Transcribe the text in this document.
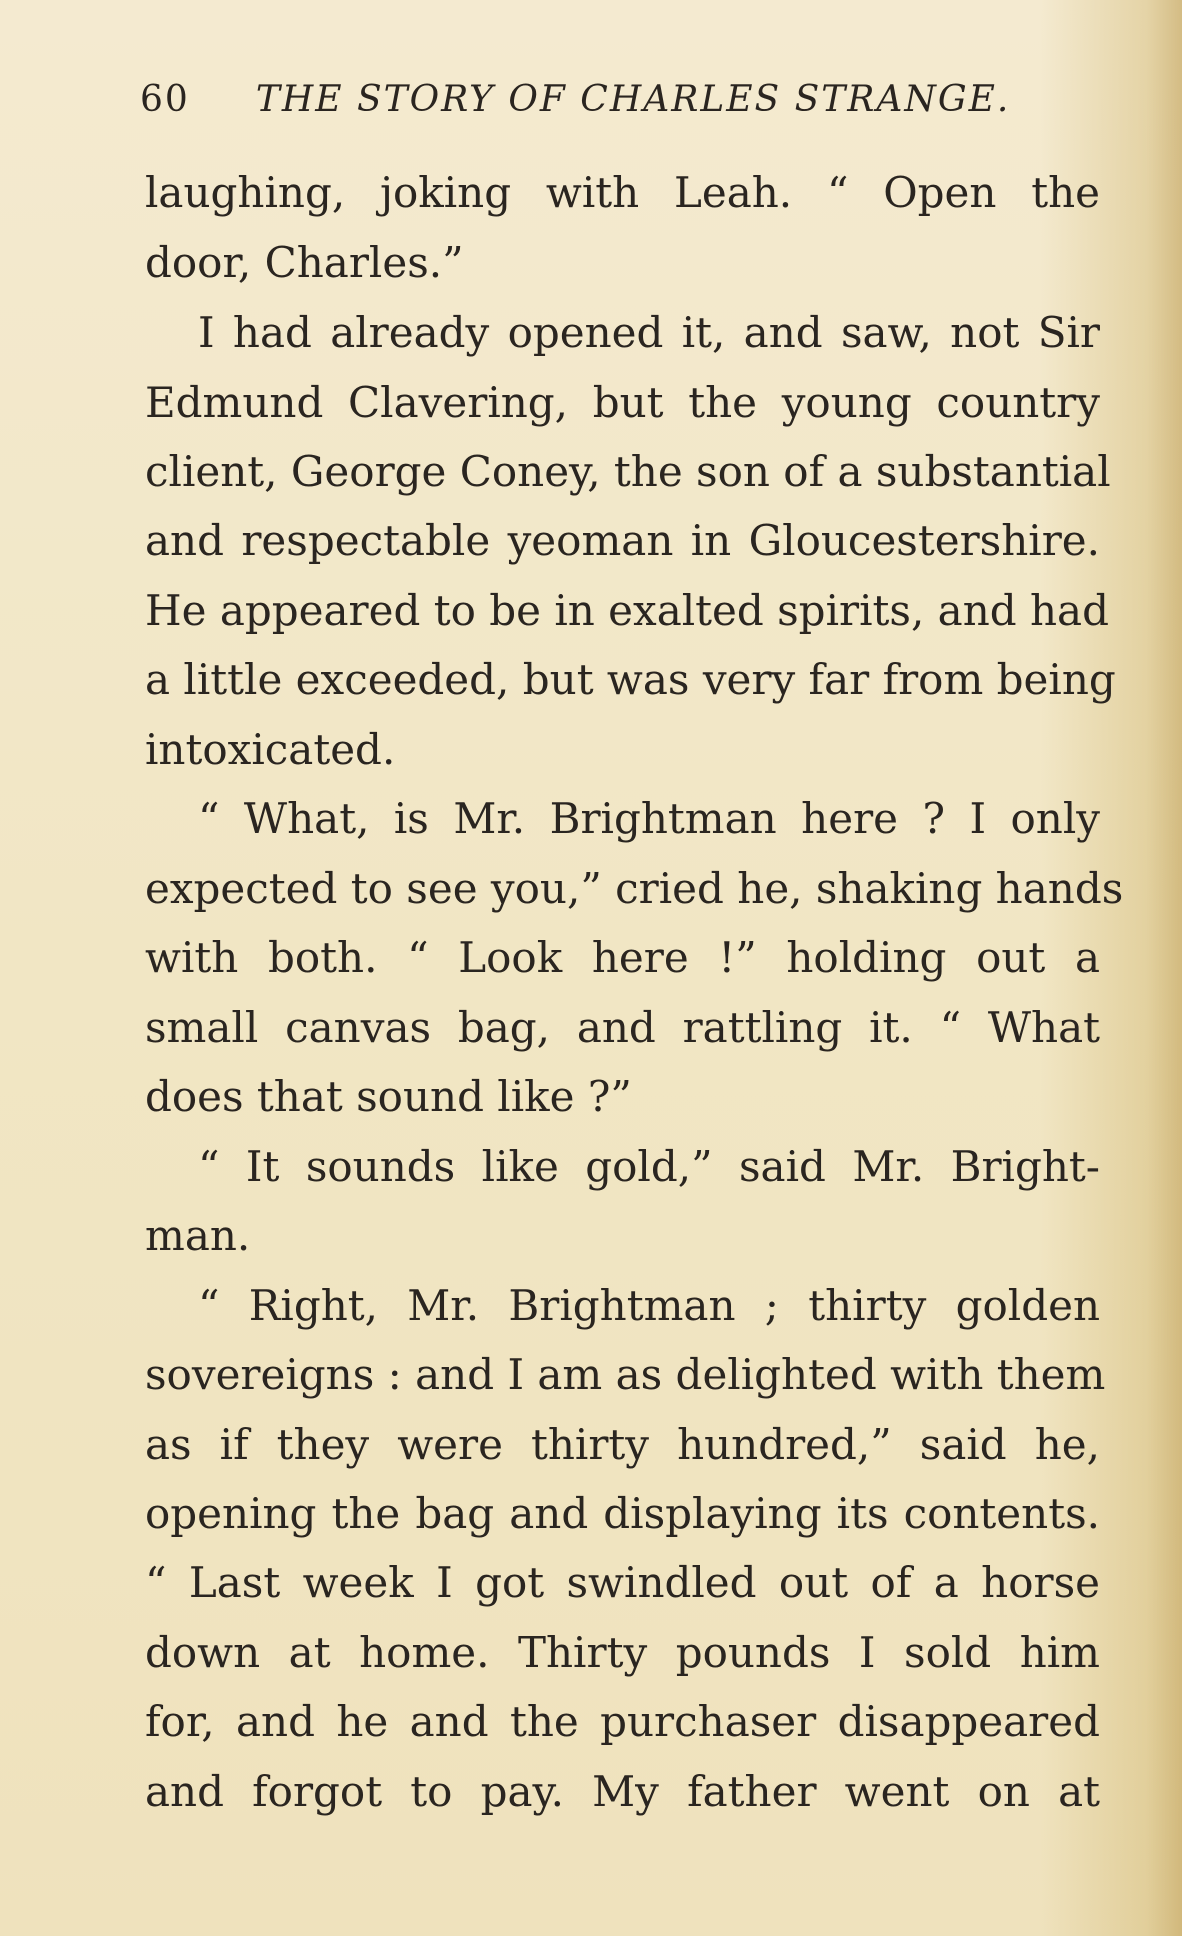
60 THE STORY OF CHARLES STRANGE.
laughing, joking with Leah. “ Open the
door, Charles.”
I had already opened it, and saw, not Sir
Edmund Clavering, but the young country
client, George Coney, the son of a substantial
and respectable yeoman in Gloucestershire.
He appeared to be in exalted spirits, and had
a little exceeded, but was very far from being
intoxicated.
“ What, is Mr. Brightman here ? I only
expected to see you,” cried he, shaking hands
with both. “ Look here !” holding out a
small canvas bag, and rattling it. “ What
does that sound like ?”
“ It sounds like gold,” said Mr. Bright-
man.
“ Right, Mr. Brightman ; thirty golden
sovereigns : and I am as delighted with them
as if they were thirty hundred,” said he,
opening the bag and displaying its contents.
“ Last week I got swindled out of a horse
down at home. Thirty pounds I sold him
for, and he and the purchaser disappeared
and forgot to pay. My father went on at
